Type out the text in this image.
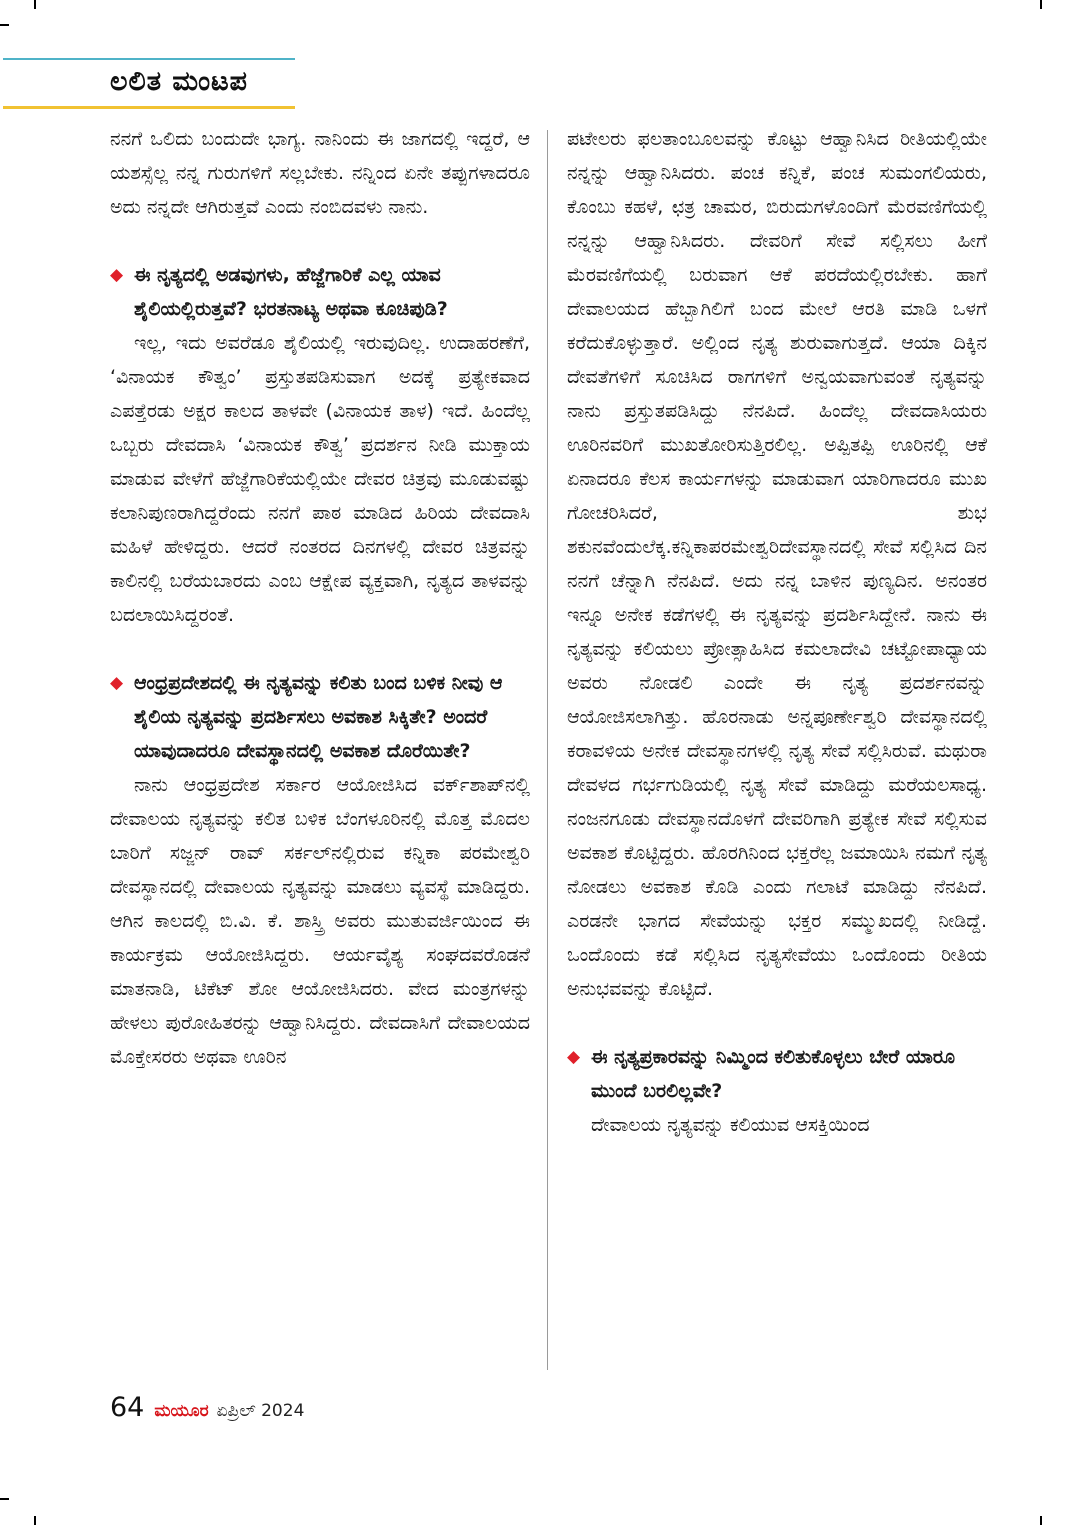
ಲಲಿತ ಮಂಟಪ

ನನಗೆ ಒಲಿದು ಬಂದುದೇ ಭಾಗ್ಯ. ನಾನಿಂದು ಈ ಜಾಗದಲ್ಲಿ ಇದ್ದರೆ, ಆ ಯಶಸ್ಸೆಲ್ಲ ನನ್ನ ಗುರುಗಳಿಗೆ ಸಲ್ಲಬೇಕು. ನನ್ನಿಂದ ಏನೇ ತಪ್ಪುಗಳಾದರೂ ಅದು ನನ್ನದೇ ಆಗಿರುತ್ತವೆ ಎಂದು ನಂಬಿದವಳು ನಾನು.

◆ ಈ ನೃತ್ಯದಲ್ಲಿ ಅಡವುಗಳು, ಹೆಜ್ಜೆಗಾರಿಕೆ ಎಲ್ಲ ಯಾವ ಶೈಲಿಯಲ್ಲಿರುತ್ತವೆ? ಭರತನಾಟ್ಯ ಅಥವಾ ಕೂಚಿಪುಡಿ?

ಇಲ್ಲ, ಇದು ಅವರೆಡೂ ಶೈಲಿಯಲ್ಲಿ ಇರುವುದಿಲ್ಲ. ಉದಾಹರಣೆಗೆ, ‘ವಿನಾಯಕ ಕೌತ್ವಂ’ ಪ್ರಸ್ತುತಪಡಿಸುವಾಗ ಅದಕ್ಕೆ ಪ್ರತ್ಯೇಕವಾದ ಎಪತ್ತೆರಡು ಅಕ್ಷರ ಕಾಲದ ತಾಳವೇ (ವಿನಾಯಕ ತಾಳ) ಇದೆ. ಹಿಂದೆಲ್ಲ ಒಬ್ಬರು ದೇವದಾಸಿ ‘ವಿನಾಯಕ ಕೌತ್ವ’ ಪ್ರದರ್ಶನ ನೀಡಿ ಮುಕ್ತಾಯ ಮಾಡುವ ವೇಳೆಗೆ ಹೆಜ್ಜೆಗಾರಿಕೆಯಲ್ಲಿಯೇ ದೇವರ ಚಿತ್ರವು ಮೂಡುವಷ್ಟು ಕಲಾನಿಪುಣರಾಗಿದ್ದರೆಂದು ನನಗೆ ಪಾಠ ಮಾಡಿದ ಹಿರಿಯ ದೇವದಾಸಿ ಮಹಿಳೆ ಹೇಳಿದ್ದರು. ಆದರೆ ನಂತರದ ದಿನಗಳಲ್ಲಿ ದೇವರ ಚಿತ್ರವನ್ನು ಕಾಲಿನಲ್ಲಿ ಬರೆಯಬಾರದು ಎಂಬ ಆಕ್ಷೇಪ ವ್ಯಕ್ತವಾಗಿ, ನೃತ್ಯದ ತಾಳವನ್ನು ಬದಲಾಯಿಸಿದ್ದರಂತೆ.

◆ ಆಂಧ್ರಪ್ರದೇಶದಲ್ಲಿ ಈ ನೃತ್ಯವನ್ನು ಕಲಿತು ಬಂದ ಬಳಿಕ ನೀವು ಆ ಶೈಲಿಯ ನೃತ್ಯವನ್ನು ಪ್ರದರ್ಶಿಸಲು ಅವಕಾಶ ಸಿಕ್ಕಿತೇ? ಅಂದರೆ ಯಾವುದಾದರೂ ದೇವಸ್ಥಾನದಲ್ಲಿ ಅವಕಾಶ ದೊರೆಯಿತೇ?

ನಾನು ಆಂಧ್ರಪ್ರದೇಶ ಸರ್ಕಾರ ಆಯೋಜಿಸಿದ ವರ್ಕ್‌ಶಾಪ್‌ನಲ್ಲಿ ದೇವಾಲಯ ನೃತ್ಯವನ್ನು ಕಲಿತ ಬಳಿಕ ಬೆಂಗಳೂರಿನಲ್ಲಿ ಮೊತ್ತ ಮೊದಲ ಬಾರಿಗೆ ಸಜ್ಜನ್ ರಾವ್ ಸರ್ಕಲ್‌ನಲ್ಲಿರುವ ಕನ್ನಿಕಾ ಪರಮೇಶ್ವರಿ ದೇವಸ್ಥಾನದಲ್ಲಿ ದೇವಾಲಯ ನೃತ್ಯವನ್ನು ಮಾಡಲು ವ್ಯವಸ್ಥೆ ಮಾಡಿದ್ದರು. ಆಗಿನ ಕಾಲದಲ್ಲಿ ಬಿ.ವಿ. ಕೆ. ಶಾಸ್ತ್ರಿ ಅವರು ಮುತುವರ್ಜಿಯಿಂದ ಈ ಕಾರ್ಯಕ್ರಮ ಆಯೋಜಿಸಿದ್ದರು. ಆರ್ಯವೈಶ್ಯ ಸಂಘದವರೊಡನೆ ಮಾತನಾಡಿ, ಟಿಕೆಟ್ ಶೋ ಆಯೋಜಿಸಿದರು. ವೇದ ಮಂತ್ರಗಳನ್ನು ಹೇಳಲು ಪುರೋಹಿತರನ್ನು ಆಹ್ವಾನಿಸಿದ್ದರು. ದೇವದಾಸಿಗೆ ದೇವಾಲಯದ ಮೊಕ್ತೇಸರರು ಅಥವಾ ಊರಿನ

ಪಟೇಲರು ಫಲತಾಂಬೂಲವನ್ನು ಕೊಟ್ಟು ಆಹ್ವಾನಿಸಿದ ರೀತಿಯಲ್ಲಿಯೇ ನನ್ನನ್ನು ಆಹ್ವಾನಿಸಿದರು. ಪಂಚ ಕನ್ನಿಕೆ, ಪಂಚ ಸುಮಂಗಲಿಯರು, ಕೊಂಬು ಕಹಳೆ, ಛತ್ರ ಚಾಮರ, ಬಿರುದುಗಳೊಂದಿಗೆ ಮೆರವಣಿಗೆಯಲ್ಲಿ ನನ್ನನ್ನು ಆಹ್ವಾನಿಸಿದರು. ದೇವರಿಗೆ ಸೇವೆ ಸಲ್ಲಿಸಲು ಹೀಗೆ ಮೆರವಣಿಗೆಯಲ್ಲಿ ಬರುವಾಗ ಆಕೆ ಪರದೆಯಲ್ಲಿರಬೇಕು. ಹಾಗೆ ದೇವಾಲಯದ ಹೆಬ್ಬಾಗಿಲಿಗೆ ಬಂದ ಮೇಲೆ ಆರತಿ ಮಾಡಿ ಒಳಗೆ ಕರೆದುಕೊಳ್ಳುತ್ತಾರೆ. ಅಲ್ಲಿಂದ ನೃತ್ಯ ಶುರುವಾಗುತ್ತದೆ. ಆಯಾ ದಿಕ್ಕಿನ ದೇವತೆಗಳಿಗೆ ಸೂಚಿಸಿದ ರಾಗಗಳಿಗೆ ಅನ್ವಯವಾಗುವಂತೆ ನೃತ್ಯವನ್ನು ನಾನು ಪ್ರಸ್ತುತಪಡಿಸಿದ್ದು ನೆನಪಿದೆ. ಹಿಂದೆಲ್ಲ ದೇವದಾಸಿಯರು ಊರಿನವರಿಗೆ ಮುಖತೋರಿಸುತ್ತಿರಲಿಲ್ಲ. ಅಪ್ಪಿತಪ್ಪಿ ಊರಿನಲ್ಲಿ ಆಕೆ ಏನಾದರೂ ಕೆಲಸ ಕಾರ್ಯಗಳನ್ನು ಮಾಡುವಾಗ ಯಾರಿಗಾದರೂ ಮುಖ ಗೋಚರಿಸಿದರೆ, ಶುಭ ಶಕುನವೆಂದುಲೆಕ್ಕ.ಕನ್ನಿಕಾಪರಮೇಶ್ವರಿದೇವಸ್ಥಾನದಲ್ಲಿ ಸೇವೆ ಸಲ್ಲಿಸಿದ ದಿನ ನನಗೆ ಚೆನ್ನಾಗಿ ನೆನಪಿದೆ. ಅದು ನನ್ನ ಬಾಳಿನ ಪುಣ್ಯದಿನ. ಅನಂತರ ಇನ್ನೂ ಅನೇಕ ಕಡೆಗಳಲ್ಲಿ ಈ ನೃತ್ಯವನ್ನು ಪ್ರದರ್ಶಿಸಿದ್ದೇನೆ. ನಾನು ಈ ನೃತ್ಯವನ್ನು ಕಲಿಯಲು ಪ್ರೋತ್ಸಾಹಿಸಿದ ಕಮಲಾದೇವಿ ಚಟ್ಟೋಪಾಧ್ಯಾಯ ಅವರು ನೋಡಲಿ ಎಂದೇ ಈ ನೃತ್ಯ ಪ್ರದರ್ಶನವನ್ನು ಆಯೋಜಿಸಲಾಗಿತ್ತು. ಹೊರನಾಡು ಅನ್ನಪೂರ್ಣೇಶ್ವರಿ ದೇವಸ್ಥಾನದಲ್ಲಿ ಕರಾವಳಿಯ ಅನೇಕ ದೇವಸ್ಥಾನಗಳಲ್ಲಿ ನೃತ್ಯ ಸೇವೆ ಸಲ್ಲಿಸಿರುವೆ. ಮಥುರಾ ದೇವಳದ ಗರ್ಭಗುಡಿಯಲ್ಲಿ ನೃತ್ಯ ಸೇವೆ ಮಾಡಿದ್ದು ಮರೆಯಲಸಾಧ್ಯ. ನಂಜನಗೂಡು ದೇವಸ್ಥಾನದೊಳಗೆ ದೇವರಿಗಾಗಿ ಪ್ರತ್ಯೇಕ ಸೇವೆ ಸಲ್ಲಿಸುವ ಅವಕಾಶ ಕೊಟ್ಟಿದ್ದರು. ಹೊರಗಿನಿಂದ ಭಕ್ತರೆಲ್ಲ ಜಮಾಯಿಸಿ ನಮಗೆ ನೃತ್ಯ ನೋಡಲು ಅವಕಾಶ ಕೊಡಿ ಎಂದು ಗಲಾಟೆ ಮಾಡಿದ್ದು ನೆನಪಿದೆ. ಎರಡನೇ ಭಾಗದ ಸೇವೆಯನ್ನು ಭಕ್ತರ ಸಮ್ಮುಖದಲ್ಲಿ ನೀಡಿದ್ದೆ. ಒಂದೊಂದು ಕಡೆ ಸಲ್ಲಿಸಿದ ನೃತ್ಯಸೇವೆಯು ಒಂದೊಂದು ರೀತಿಯ ಅನುಭವವನ್ನು ಕೊಟ್ಟಿದೆ.

◆ ಈ ನೃತ್ಯಪ್ರಕಾರವನ್ನು ನಿಮ್ಮಿಂದ ಕಲಿತುಕೊಳ್ಳಲು ಬೇರೆ ಯಾರೂ ಮುಂದೆ ಬರಲಿಲ್ಲವೇ?

ದೇವಾಲಯ ನೃತ್ಯವನ್ನು ಕಲಿಯುವ ಆಸಕ್ತಿಯಿಂದ

64 ಮಯೂರ ಏಪ್ರಿಲ್ 2024
